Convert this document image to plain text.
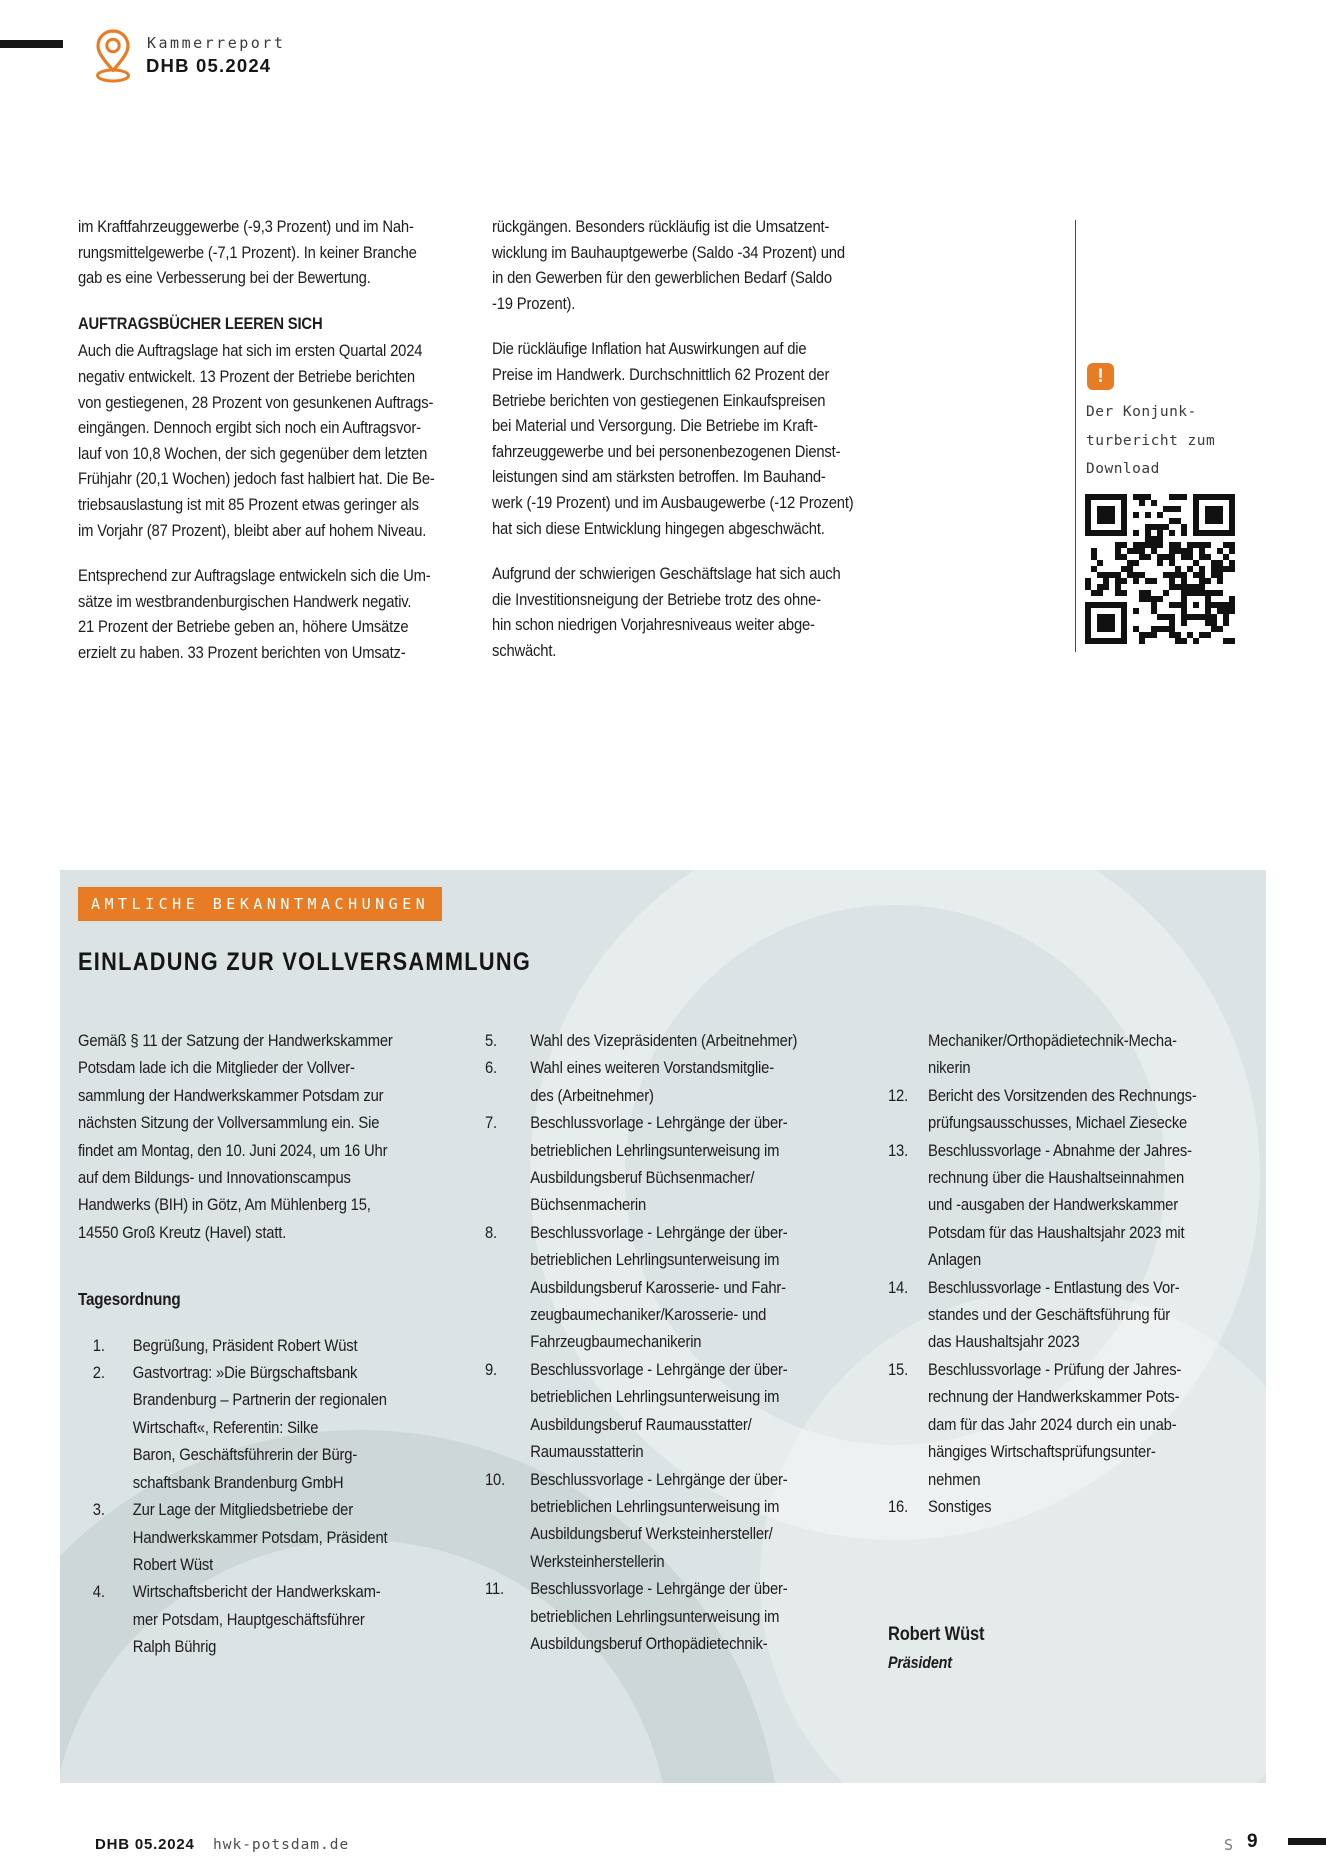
Kammerreport
DHB 05.2024

im Kraftfahrzeuggewerbe (-9,3 Prozent) und im Nah-
rungsmittelgewerbe (-7,1 Prozent). In keiner Branche
gab es eine Verbesserung bei der Bewertung.

AUFTRAGSBÜCHER LEEREN SICH

Auch die Auftragslage hat sich im ersten Quartal 2024
negativ entwickelt. 13 Prozent der Betriebe berichten
von gestiegenen, 28 Prozent von gesunkenen Auftrags-
eingängen. Dennoch ergibt sich noch ein Auftragsvor-
lauf von 10,8 Wochen, der sich gegenüber dem letzten
Frühjahr (20,1 Wochen) jedoch fast halbiert hat. Die Be-
triebsauslastung ist mit 85 Prozent etwas geringer als
im Vorjahr (87 Prozent), bleibt aber auf hohem Niveau.

Entsprechend zur Auftragslage entwickeln sich die Um-
sätze im westbrandenburgischen Handwerk negativ.
21 Prozent der Betriebe geben an, höhere Umsätze
erzielt zu haben. 33 Prozent berichten von Umsatz-

rückgängen. Besonders rückläufig ist die Umsatzent-
wicklung im Bauhauptgewerbe (Saldo -34 Prozent) und
in den Gewerben für den gewerblichen Bedarf (Saldo
-19 Prozent).

Die rückläufige Inflation hat Auswirkungen auf die
Preise im Handwerk. Durchschnittlich 62 Prozent der
Betriebe berichten von gestiegenen Einkaufspreisen
bei Material und Versorgung. Die Betriebe im Kraft-
fahrzeuggewerbe und bei personenbezogenen Dienst-
leistungen sind am stärksten betroffen. Im Bauhand-
werk (-19 Prozent) und im Ausbaugewerbe (-12 Prozent)
hat sich diese Entwicklung hingegen abgeschwächt.

Aufgrund der schwierigen Geschäftslage hat sich auch
die Investitionsneigung der Betriebe trotz des ohne-
hin schon niedrigen Vorjahresniveaus weiter abge-
schwächt.

!
Der Konjunk-
turbericht zum
Download
AMTLICHE BEKANNTMACHUNGEN
EINLADUNG ZUR VOLLVERSAMMLUNG

Gemäß § 11 der Satzung der Handwerkskammer
Potsdam lade ich die Mitglieder der Vollver-
sammlung der Handwerkskammer Potsdam zur
nächsten Sitzung der Vollversammlung ein. Sie
findet am Montag, den 10. Juni 2024, um 16 Uhr
auf dem Bildungs- und Innovationscampus
Handwerks (BIH) in Götz, Am Mühlenberg 15,
14550 Groß Kreutz (Havel) statt.

Tagesordnung

1.	Begrüßung, Präsident Robert Wüst
2.	Gastvortrag: »Die Bürgschaftsbank
Brandenburg – Partnerin der regionalen
Wirtschaft«, Referentin: Silke
Baron, Geschäftsführerin der Bürg-
schaftsbank Brandenburg GmbH
3.	Zur Lage der Mitgliedsbetriebe der
Handwerkskammer Potsdam, Präsident
Robert Wüst
4.	Wirtschaftsbericht der Handwerkskam-
mer Potsdam, Hauptgeschäftsführer
Ralph Bührig
5.	Wahl des Vizepräsidenten (Arbeitnehmer)
6.	Wahl eines weiteren Vorstandsmitglie-
des (Arbeitnehmer)
7.	Beschlussvorlage - Lehrgänge der über-
betrieblichen Lehrlingsunterweisung im
Ausbildungsberuf Büchsenmacher/
Büchsenmacherin
8.	Beschlussvorlage - Lehrgänge der über-
betrieblichen Lehrlingsunterweisung im
Ausbildungsberuf Karosserie- und Fahr-
zeugbaumechaniker/Karosserie- und
Fahrzeugbaumechanikerin
9.	Beschlussvorlage - Lehrgänge der über-
betrieblichen Lehrlingsunterweisung im
Ausbildungsberuf Raumausstatter/
Raumausstatterin
10.	Beschlussvorlage - Lehrgänge der über-
betrieblichen Lehrlingsunterweisung im
Ausbildungsberuf Werksteinhersteller/
Werksteinherstellerin
11.	Beschlussvorlage - Lehrgänge der über-
betrieblichen Lehrlingsunterweisung im
Ausbildungsberuf Orthopädietechnik-

Mechaniker/Orthopädietechnik-Mecha-
nikerin

12.	Bericht des Vorsitzenden des Rechnungs-
prüfungsausschusses, Michael Ziesecke
13.	Beschlussvorlage - Abnahme der Jahres-
rechnung über die Haushaltseinnahmen
und -ausgaben der Handwerkskammer
Potsdam für das Haushaltsjahr 2023 mit
Anlagen
14.	Beschlussvorlage - Entlastung des Vor-
standes und der Geschäftsführung für
das Haushaltsjahr 2023
15.	Beschlussvorlage - Prüfung der Jahres-
rechnung der Handwerkskammer Pots-
dam für das Jahr 2024 durch ein unab-
hängiges Wirtschaftsprüfungsunter-
nehmen
16.	Sonstiges

Robert Wüst

Präsident

DHB 05.2024 hwk-potsdam.de	S 9
